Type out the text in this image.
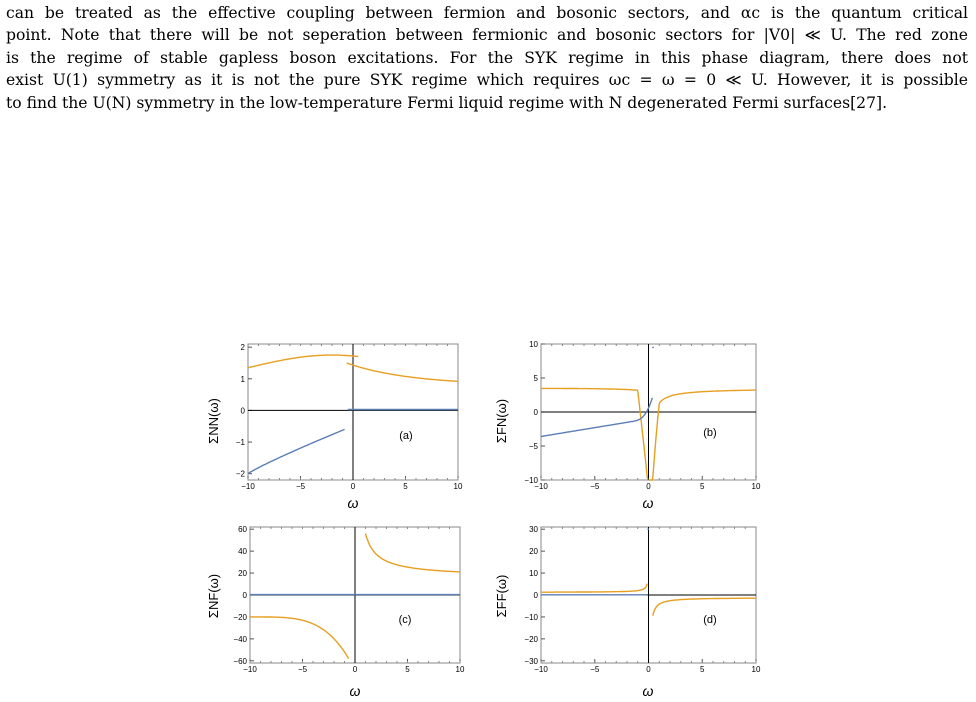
can be treated as the effective coupling between fermion and bosonic sectors, and αc is the quantum critical
point. Note that there will be not seperation between fermionic and bosonic sectors for |V0| ≪ U. The red zone
is the regime of stable gapless boson excitations. For the SYK regime in this phase diagram, there does not
exist U(1) symmetry as it is not the pure SYK regime which requires ωc = ω = 0 ≪ U. However, it is possible
to find the U(N) symmetry in the low-temperature Fermi liquid regime with N degenerated Fermi surfaces[27].
ΣNN(ω)
−10	−5	0	5	10
2
1
0
−1
−2
(a)
ω
ΣFN(ω)
−10	−5	0	5	10
10
5
0
−5
−10
(b)
ω
ΣNF(ω)
−10	−5	0	5	10
60
40
20
0
−20
−40
−60
(c)
ω
ΣFF(ω)
−10	−5	0	5	10
30
20
10
0
−10
−20
−30
(d)
ω
